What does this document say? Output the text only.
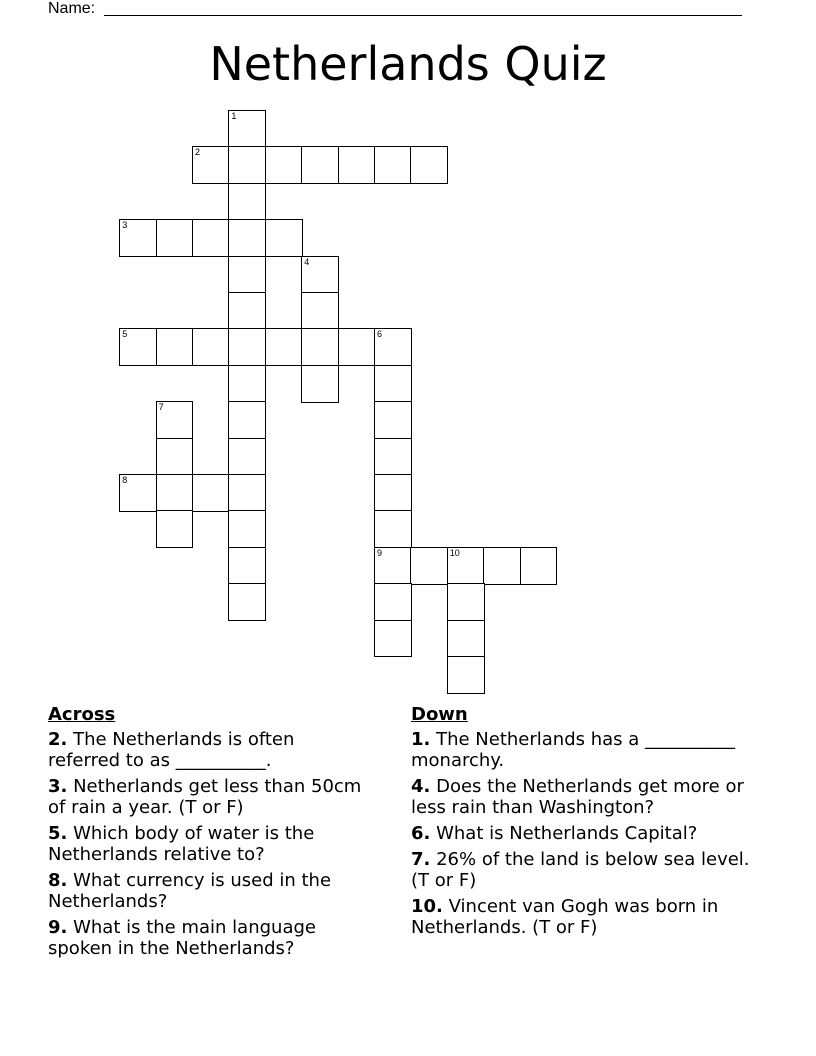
Name:
Netherlands Quiz
1
2
3
4
5	6
7
8
9	10
Across
2. The Netherlands is often referred to as __________.
3. Netherlands get less than 50cm of rain a year. (T or F)
5. Which body of water is the Netherlands relative to?
8. What currency is used in the Netherlands?
9. What is the main language spoken in the Netherlands?
Down
1. The Netherlands has a __________ monarchy.
4. Does the Netherlands get more or less rain than Washington?
6. What is Netherlands Capital?
7. 26% of the land is below sea level. (T or F)
10. Vincent van Gogh was born in Netherlands. (T or F)
